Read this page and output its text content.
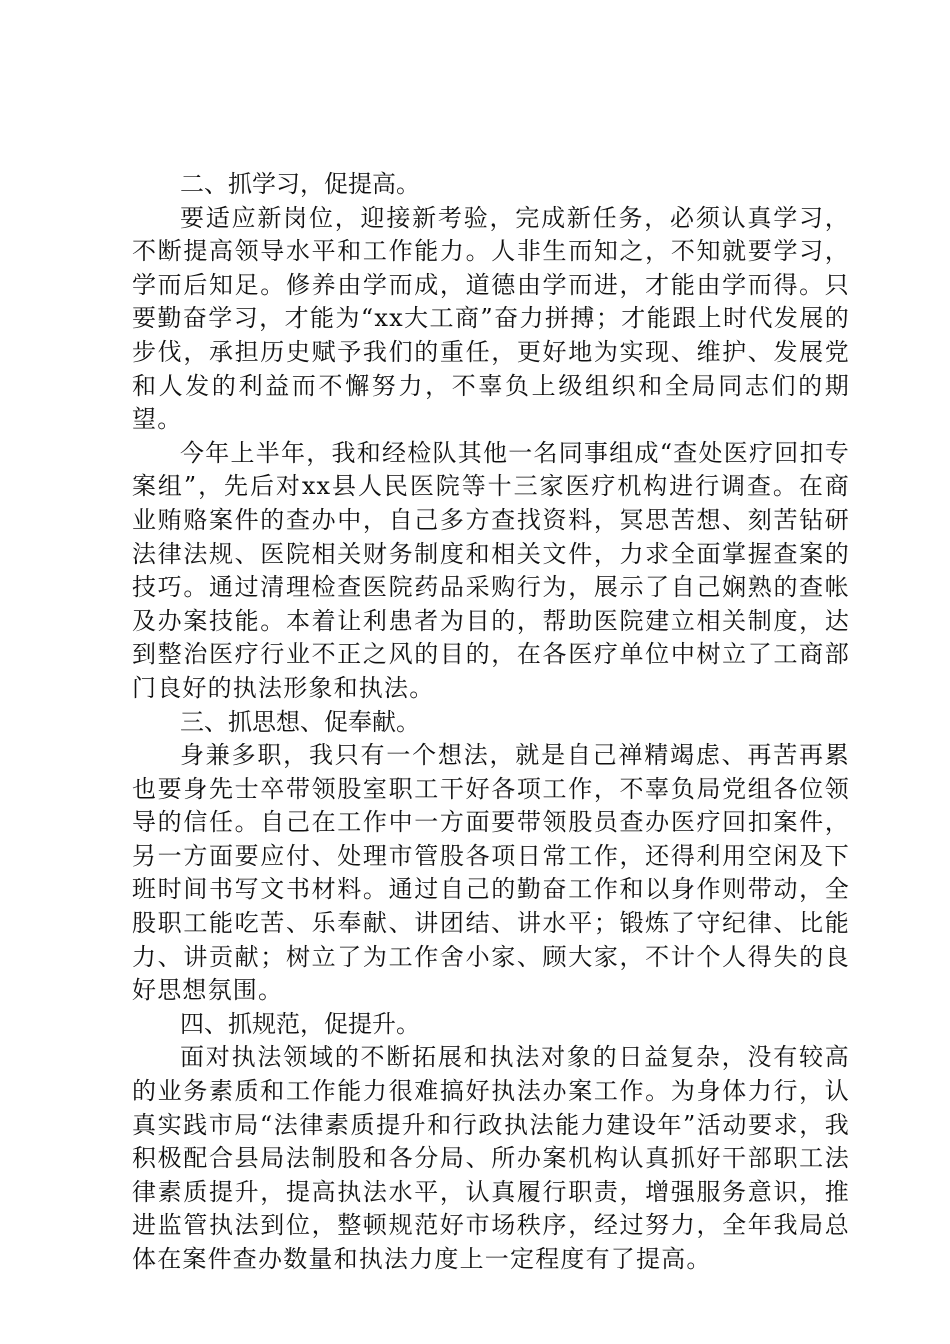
二、抓学习，促提高。

要适应新岗位，迎接新考验，完成新任务，必须认真学习，不断提高领导水平和工作能力。人非生而知之，不知就要学习，学而后知足。修养由学而成，道德由学而进，才能由学而得。只要勤奋学习，才能为“xx大工商”奋力拼搏；才能跟上时代发展的步伐，承担历史赋予我们的重任，更好地为实现、维护、发展党和人发的利益而不懈努力，不辜负上级组织和全局同志们的期望。

今年上半年，我和经检队其他一名同事组成“查处医疗回扣专案组”，先后对xx县人民医院等十三家医疗机构进行调查。在商业贿赂案件的查办中，自己多方查找资料，冥思苦想、刻苦钻研法律法规、医院相关财务制度和相关文件，力求全面掌握查案的技巧。通过清理检查医院药品采购行为，展示了自己娴熟的查帐及办案技能。本着让利患者为目的，帮助医院建立相关制度，达到整治医疗行业不正之风的目的，在各医疗单位中树立了工商部门良好的执法形象和执法。

三、抓思想、促奉献。

身兼多职，我只有一个想法，就是自己禅精竭虑、再苦再累也要身先士卒带领股室职工干好各项工作，不辜负局党组各位领导的信任。自己在工作中一方面要带领股员查办医疗回扣案件，另一方面要应付、处理市管股各项日常工作，还得利用空闲及下班时间书写文书材料。通过自己的勤奋工作和以身作则带动，全股职工能吃苦、乐奉献、讲团结、讲水平；锻炼了守纪律、比能力、讲贡献；树立了为工作舍小家、顾大家，不计个人得失的良好思想氛围。

四、抓规范，促提升。

面对执法领域的不断拓展和执法对象的日益复杂，没有较高的业务素质和工作能力很难搞好执法办案工作。为身体力行，认真实践市局“法律素质提升和行政执法能力建设年”活动要求，我积极配合县局法制股和各分局、所办案机构认真抓好干部职工法律素质提升，提高执法水平，认真履行职责，增强服务意识，推进监管执法到位，整顿规范好市场秩序，经过努力，全年我局总体在案件查办数量和执法力度上一定程度有了提高。
